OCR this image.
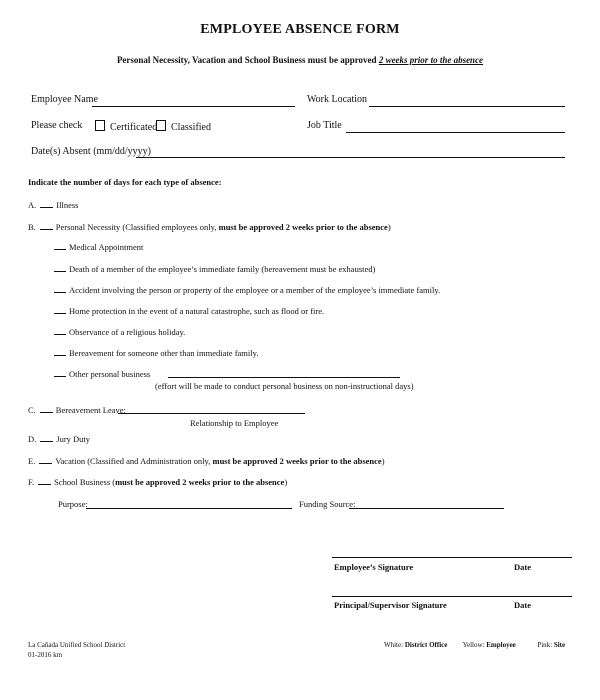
EMPLOYEE ABSENCE FORM
Personal Necessity, Vacation and School Business must be approved 2 weeks prior to the absence
Employee Name	Work Location
Please check	Certificated	Classified	Job Title
Date(s) Absent (mm/dd/yyyy)
Indicate the number of days for each type of absence:
A. Illness
B. Personal Necessity (Classified employees only, must be approved 2 weeks prior to the absence)
Medical Appointment
Death of a member of the employee’s immediate family (bereavement must be exhausted)
Accident involving the person or property of the employee or a member of the employee’s immediate family.
Home protection in the event of a natural catastrophe, such as flood or fire.
Observance of a religious holiday.
Bereavement for someone other than immediate family.
Other personal business
(effort will be made to conduct personal business on non-instructional days)
C. Bereavement Leave:
Relationship to Employee
D. Jury Duty
E. Vacation (Classified and Administration only, must be approved 2 weeks prior to the absence)
F. School Business (must be approved 2 weeks prior to the absence)
Purpose:	Funding Source:
Employee’s Signature	Date
Principal/Supervisor Signature	Date
La Cañada Unified School District
01-2016 km
White: District Office Yellow: Employee	Pink: Site
